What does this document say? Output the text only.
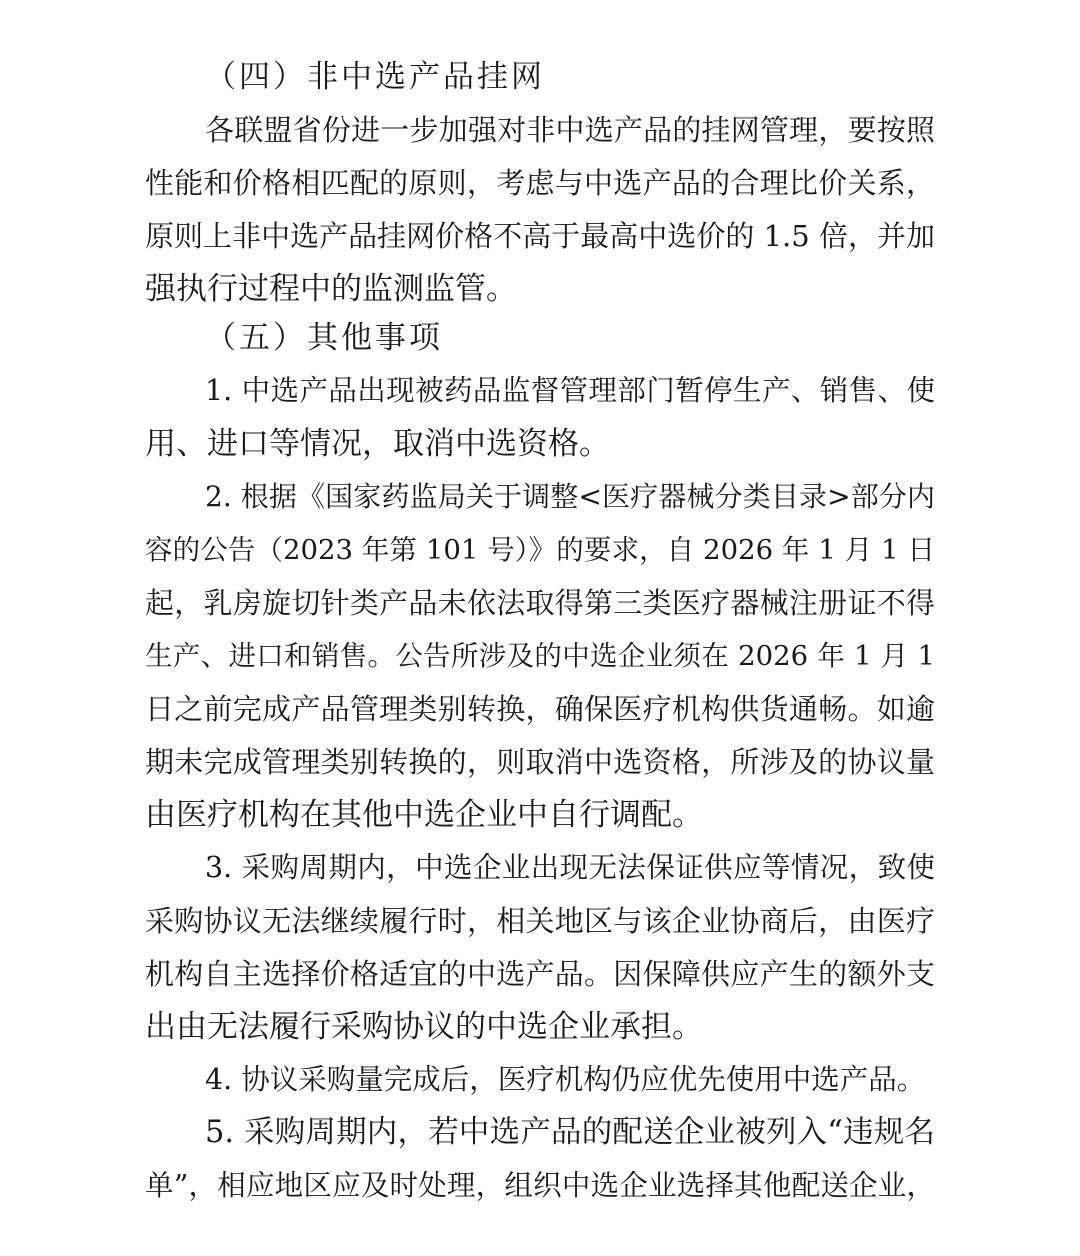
（四）非中选产品挂网
各联盟省份进一步加强对非中选产品的挂网管理，要按照
性能和价格相匹配的原则，考虑与中选产品的合理比价关系，
原则上非中选产品挂网价格不高于最高中选价的 1.5 倍，并加
强执行过程中的监测监管。
（五）其他事项
1. 中选产品出现被药品监督管理部门暂停生产、销售、使
用、进口等情况，取消中选资格。
2. 根据《国家药监局关于调整<医疗器械分类目录>部分内
容的公告（2023 年第 101 号）》的要求，自 2026 年 1 月 1 日
起，乳房旋切针类产品未依法取得第三类医疗器械注册证不得
生产、进口和销售。公告所涉及的中选企业须在 2026 年 1 月 1
日之前完成产品管理类别转换，确保医疗机构供货通畅。如逾
期未完成管理类别转换的，则取消中选资格，所涉及的协议量
由医疗机构在其他中选企业中自行调配。
3. 采购周期内，中选企业出现无法保证供应等情况，致使
采购协议无法继续履行时，相关地区与该企业协商后，由医疗
机构自主选择价格适宜的中选产品。因保障供应产生的额外支
出由无法履行采购协议的中选企业承担。
4. 协议采购量完成后，医疗机构仍应优先使用中选产品。
5. 采购周期内，若中选产品的配送企业被列入“违规名
单”，相应地区应及时处理，组织中选企业选择其他配送企业，
